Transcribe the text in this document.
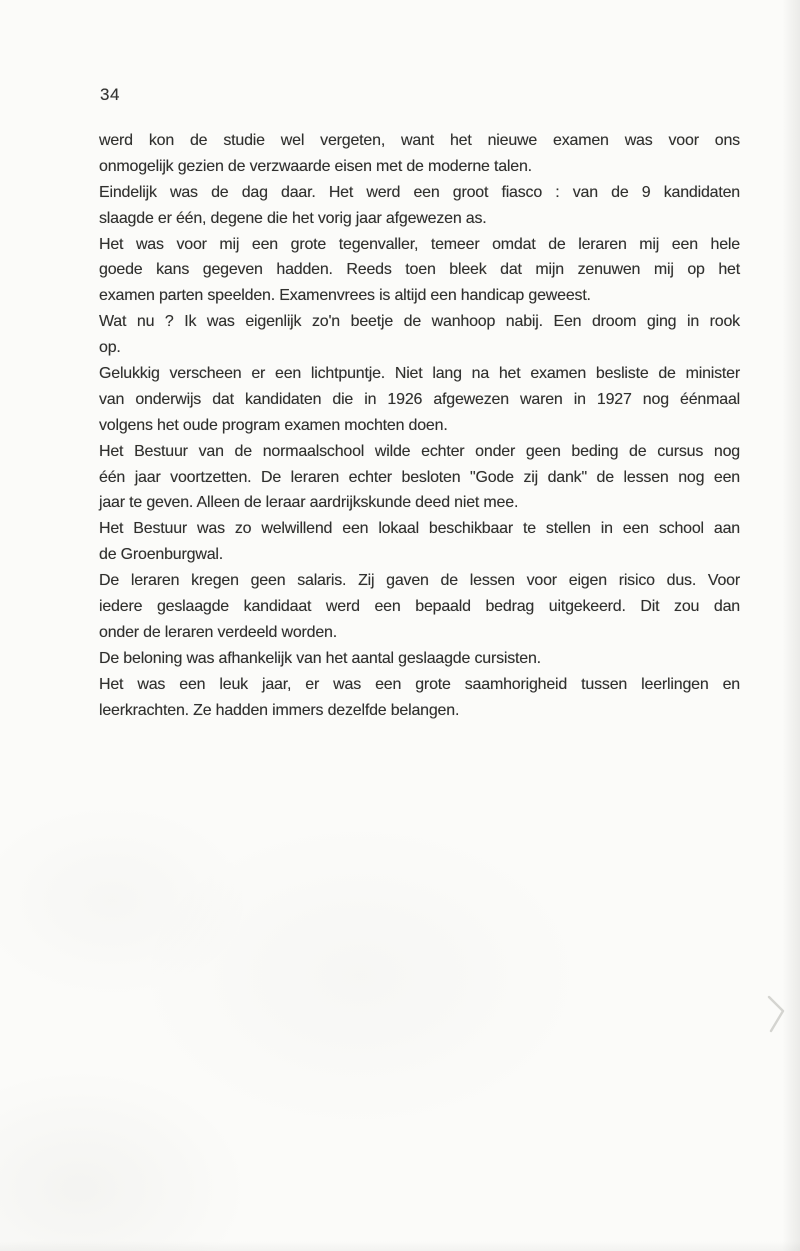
34
werd kon de studie wel vergeten, want het nieuwe examen was voor ons
onmogelijk gezien de verzwaarde eisen met de moderne talen.
Eindelijk was de dag daar. Het werd een groot fiasco : van de 9 kandidaten
slaagde er één, degene die het vorig jaar afgewezen as.
Het was voor mij een grote tegenvaller, temeer omdat de leraren mij een hele
goede kans gegeven hadden. Reeds toen bleek dat mijn zenuwen mij op het
examen parten speelden. Examenvrees is altijd een handicap geweest.
Wat nu ? Ik was eigenlijk zo'n beetje de wanhoop nabij. Een droom ging in rook
op.
Gelukkig verscheen er een lichtpuntje. Niet lang na het examen besliste de minister
van onderwijs dat kandidaten die in 1926 afgewezen waren in 1927 nog éénmaal
volgens het oude program examen mochten doen.
Het Bestuur van de normaalschool wilde echter onder geen beding de cursus nog
één jaar voortzetten. De leraren echter besloten "Gode zij dank" de lessen nog een
jaar te geven. Alleen de leraar aardrijkskunde deed niet mee.
Het Bestuur was zo welwillend een lokaal beschikbaar te stellen in een school aan
de Groenburgwal.
De leraren kregen geen salaris. Zij gaven de lessen voor eigen risico dus. Voor
iedere geslaagde kandidaat werd een bepaald bedrag uitgekeerd. Dit zou dan
onder de leraren verdeeld worden.
De beloning was afhankelijk van het aantal geslaagde cursisten.
Het was een leuk jaar, er was een grote saamhorigheid tussen leerlingen en
leerkrachten. Ze hadden immers dezelfde belangen.
